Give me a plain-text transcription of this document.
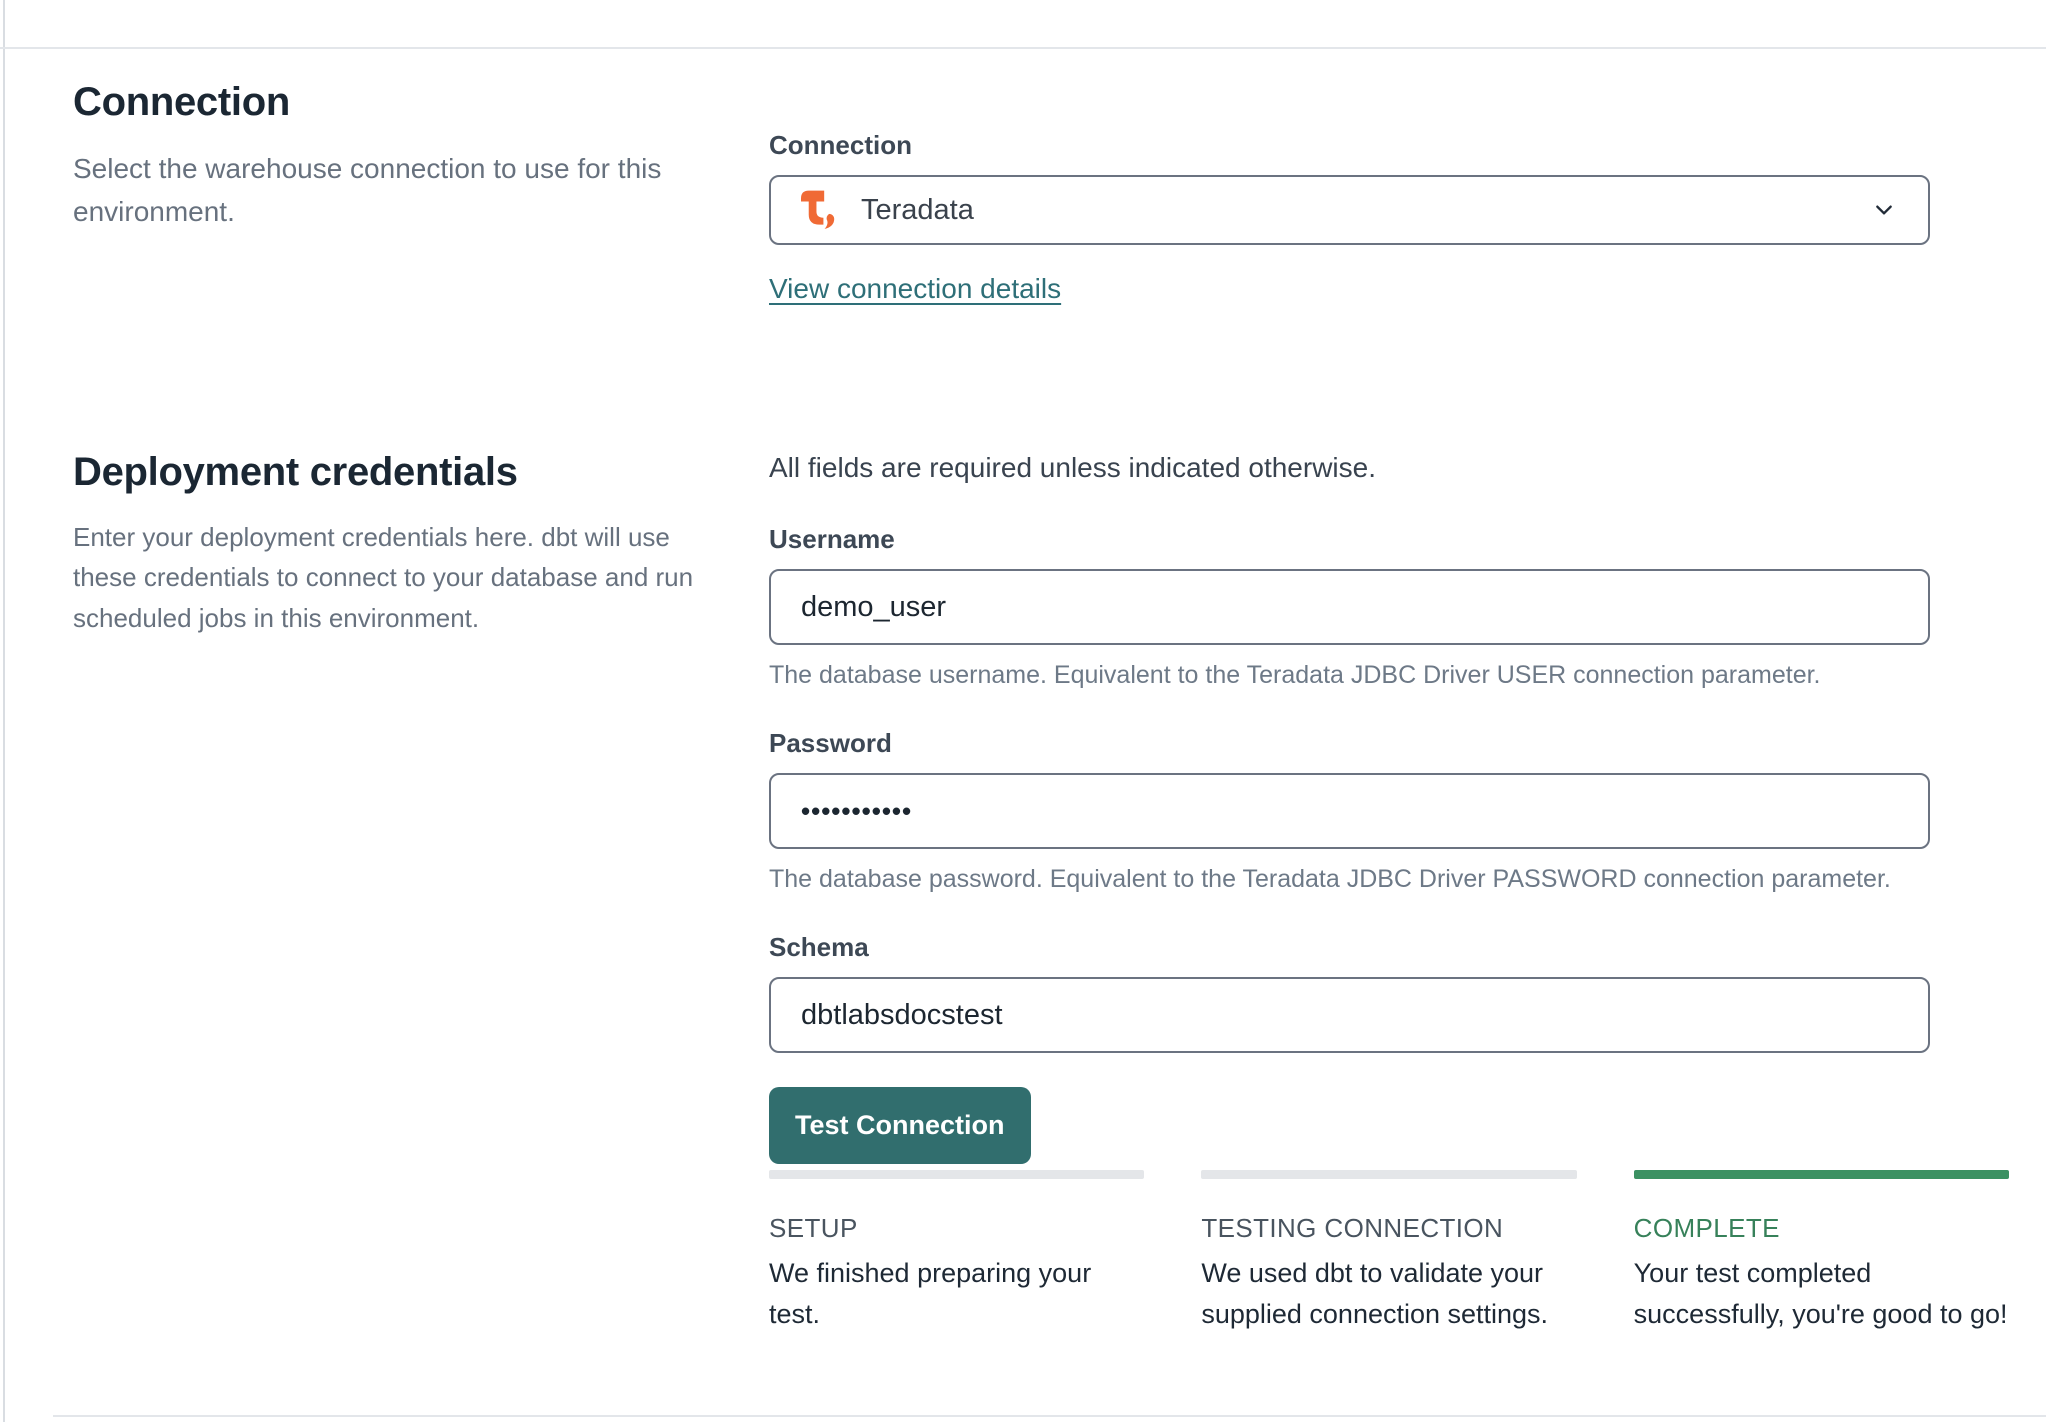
Connection

Select the warehouse connection to use for this environment.

Connection
Teradata
View connection details
Deployment credentials

Enter your deployment credentials here. dbt will use these credentials to connect to your database and run scheduled jobs in this environment.

All fields are required unless indicated otherwise.

Username
demo_user

The database username. Equivalent to the Teradata JDBC Driver USER connection parameter.

Password
•••••••••••

The database password. Equivalent to the Teradata JDBC Driver PASSWORD connection parameter.

Schema
dbtlabsdocstest
Test Connection
SETUP
We finished preparing your test.
TESTING CONNECTION
We used dbt to validate your supplied connection settings.
COMPLETE
Your test completed successfully, you're good to go!
